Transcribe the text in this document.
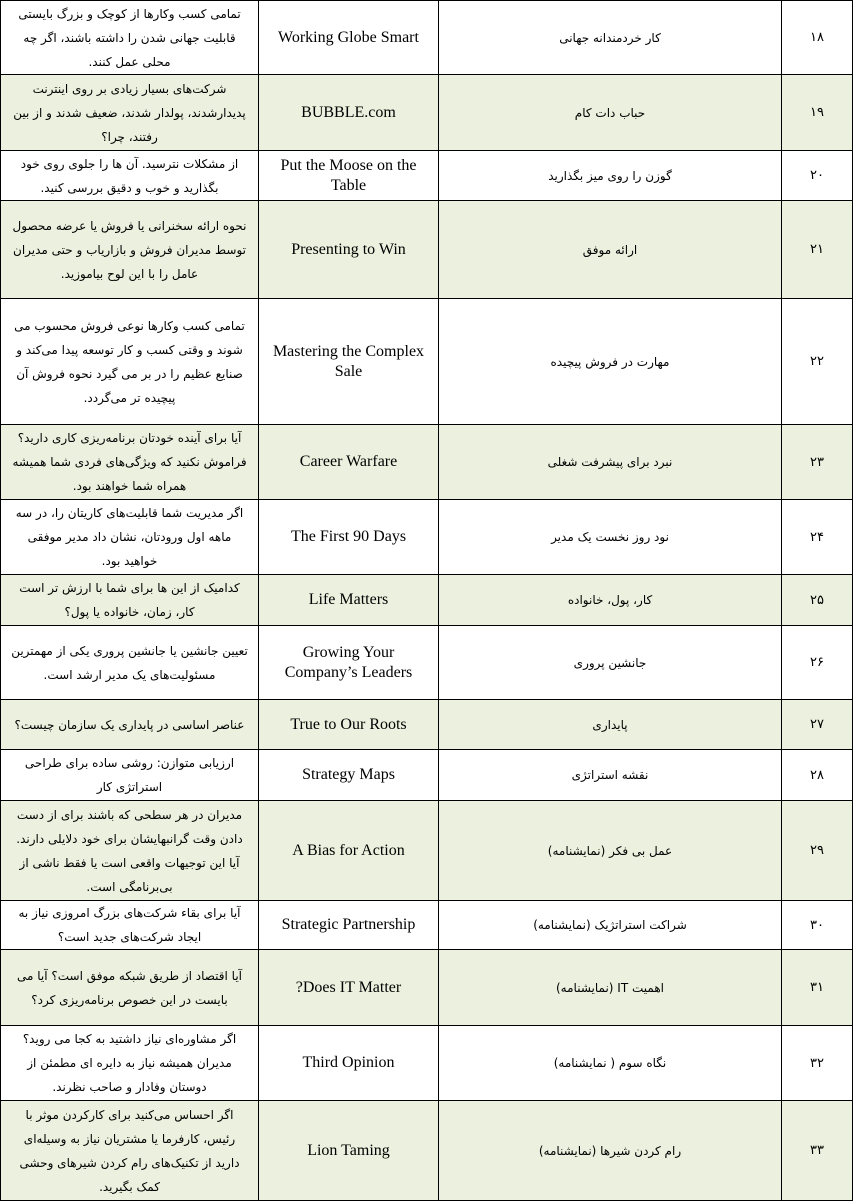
۱۸	کار خردمندانه جهانی	Working Globe Smart	تمامی کسب وکارها از کوچک و بزرگ بایستی قابلیت جهانی شدن را داشته باشند، اگر چه محلی عمل کنند.
۱۹	حباب دات کام	BUBBLE.com	شرکت‌های بسیار زیادی بر روی اینترنت پدیدارشدند، پولدار شدند، ضعیف شدند و از بین رفتند، چرا؟
۲۰	گوزن را روی میز بگذارید	Put the Moose on the Table	از مشکلات نترسید. آن ها را جلوی روی خود بگذارید و خوب و دقیق بررسی کنید.
۲۱	ارائه موفق	Presenting to Win	نحوه ارائه سخنرانی یا فروش یا عرضه محصول توسط مدیران فروش و بازاریاب و حتی مدیران عامل را با این لوح بیاموزید.
۲۲	مهارت در فروش پیچیده	Mastering the Complex Sale	تمامی کسب وکارها نوعی فروش محسوب می شوند و وقتی کسب و کار توسعه پیدا می‌کند و صنایع عظیم را در بر می گیرد نحوه فروش آن پیچیده تر می‌گردد.
۲۳	نبرد برای پیشرفت شغلی	Career Warfare	آیا برای آینده خودتان برنامه‌ریزی کاری دارید؟ فراموش نکنید که ویژگی‌های فردی شما همیشه همراه شما خواهند بود.
۲۴	نود روز نخست یک مدیر	The First 90 Days	اگر مدیریت شما قابلیت‌های کاریتان را، در سه ماهه اول ورودتان، نشان داد مدیر موفقی خواهید بود.
۲۵	کار، پول، خانواده	Life Matters	کدامیک از این ها برای شما با ارزش تر است کار، زمان، خانواده یا پول؟
۲۶	جانشین پروری	Growing Your Company’s Leaders	تعیین جانشین یا جانشین پروری یکی از مهمترین مسئولیت‌های یک مدیر ارشد است.
۲۷	پایداری	True to Our Roots	عناصر اساسی در پایداری یک سازمان چیست؟
۲۸	نقشه استراتژی	Strategy Maps	ارزیابی متوازن: روشی ساده برای طراحی استراتژی کار
۲۹	عمل بی فکر (نمایشنامه)	A Bias for Action	مدیران در هر سطحی که باشند برای از دست دادن وقت گرانبهایشان برای خود دلایلی دارند. آیا این توجیهات واقعی است یا فقط ناشی از بی‌برنامگی است.
۳۰	شراکت استراتژیک (نمایشنامه)	Strategic Partnership	آیا برای بقاء شرکت‌های بزرگ امروزی نیاز به ایجاد شرکت‌های جدید است؟
۳۱	اهمیت IT (نمایشنامه)	Does IT Matter?	آیا اقتصاد از طریق شبکه موفق است؟ آیا می بایست در این خصوص برنامه‌ریزی کرد؟
۳۲	نگاه سوم ( نمایشنامه)	Third Opinion	اگر مشاوره‌ای نیاز داشتید به کجا می روید؟ مدیران همیشه نیاز به دایره ای مطمئن از دوستان وفادار و صاحب نظرند.
۳۳	رام کردن شیرها (نمایشنامه)	Lion Taming	اگر احساس می‌کنید برای کارکردن موثر با رئیس، کارفرما یا مشتریان نیاز به وسیله‌ای دارید از تکنیک‌های رام کردن شیرهای وحشی کمک بگیرید.
